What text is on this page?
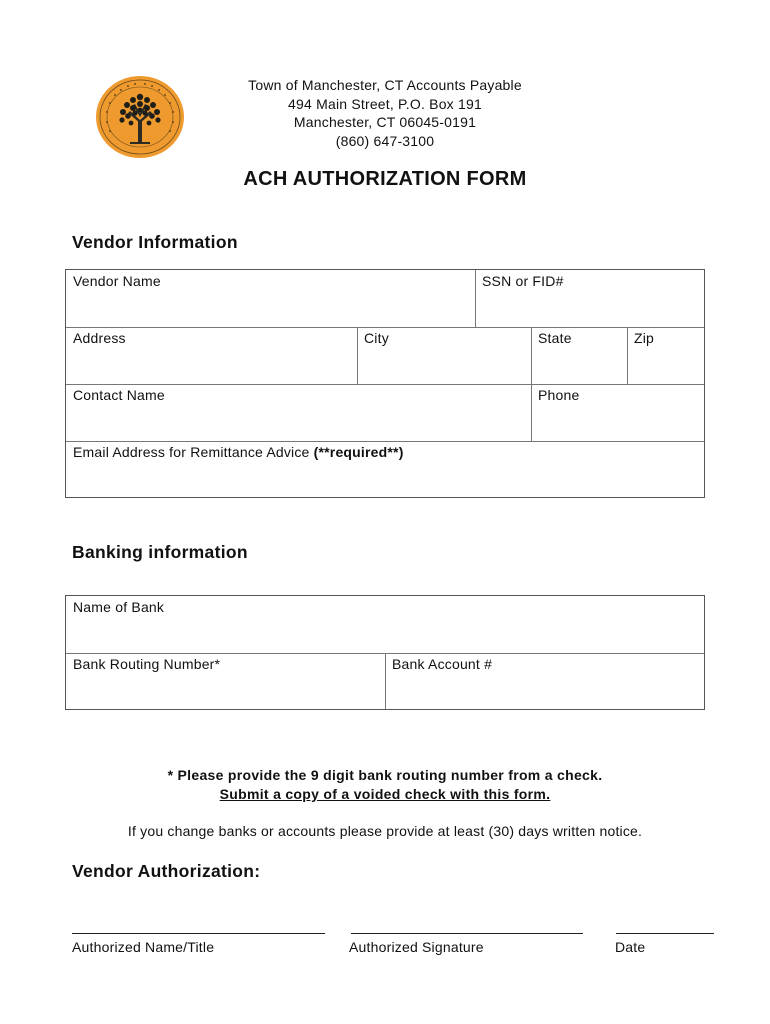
Town of Manchester, CT Accounts Payable
494 Main Street, P.O. Box 191
Manchester, CT 06045-0191
(860) 647-3100
ACH AUTHORIZATION FORM
Vendor Information
Vendor Name	SSN or FID#
Address	City	State	Zip
Contact Name	Phone
Email Address for Remittance Advice (**required**)
Banking information
Name of Bank
Bank Routing Number*	Bank Account #
* Please provide the 9 digit bank routing number from a check.
Submit a copy of a voided check with this form.
If you change banks or accounts please provide at least (30) days written notice.
Vendor Authorization:
Authorized Name/Title	Authorized Signature	Date
